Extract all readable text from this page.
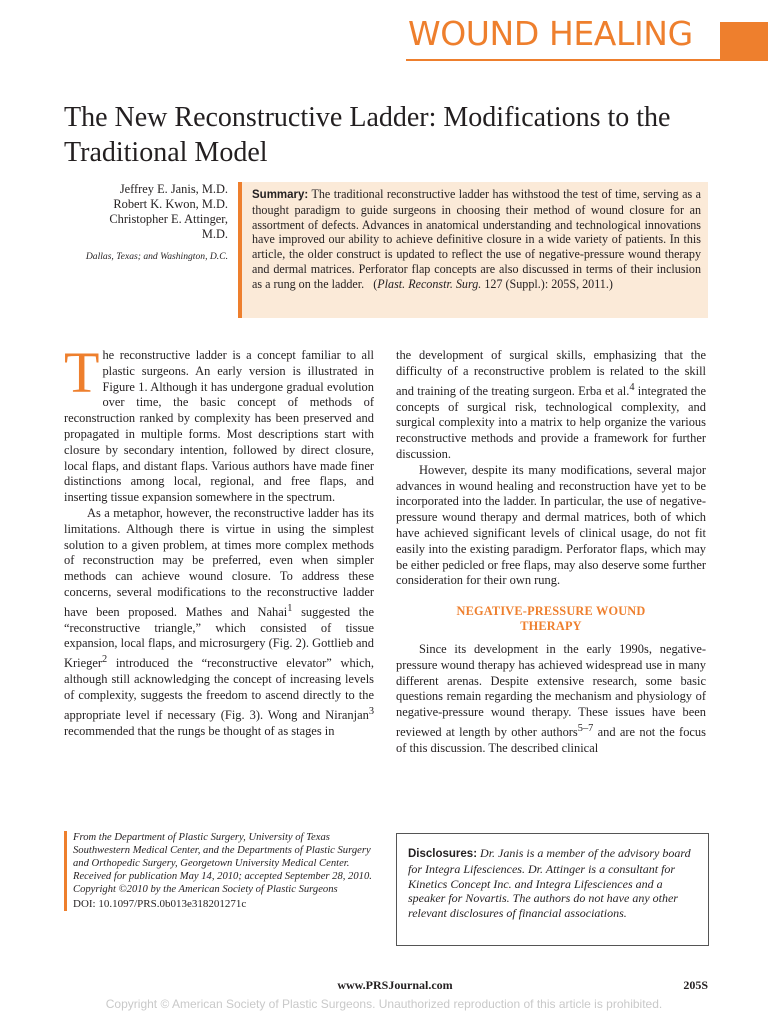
WOUND HEALING
The New Reconstructive Ladder: Modifications to the Traditional Model
Jeffrey E. Janis, M.D.
Robert K. Kwon, M.D.
Christopher E. Attinger,
M.D.
Dallas, Texas; and Washington, D.C.

Summary: The traditional reconstructive ladder has withstood the test of time, serving as a thought paradigm to guide surgeons in choosing their method of wound closure for an assortment of defects. Advances in anatomical understanding and technological innovations have improved our ability to achieve definitive closure in a wide variety of patients. In this article, the older construct is updated to reflect the use of negative-pressure wound therapy and dermal matrices. Perforator flap concepts are also discussed in terms of their inclusion as a rung on the ladder.   (Plast. Reconstr. Surg. 127 (Suppl.): 205S, 2011.)

The reconstructive ladder is a concept familiar to all plastic surgeons. An early version is illustrated in Figure 1. Although it has undergone gradual evolution over time, the basic concept of methods of reconstruction ranked by complexity has been preserved and propagated in multiple forms. Most descriptions start with closure by secondary intention, followed by direct closure, local flaps, and distant flaps. Various authors have made finer distinctions among local, regional, and free flaps, and inserting tissue expansion somewhere in the spectrum.

As a metaphor, however, the reconstructive ladder has its limitations. Although there is virtue in using the simplest solution to a given problem, at times more complex methods of reconstruction may be preferred, even when simpler methods can achieve wound closure. To address these concerns, several modifications to the reconstructive ladder have been proposed. Mathes and Nahai$^1$ suggested the “reconstructive triangle,” which consisted of tissue expansion, local flaps, and microsurgery (Fig. 2). Gottlieb and Krieger$^2$ introduced the “reconstructive elevator” which, although still acknowledging the concept of increasing levels of complexity, suggests the freedom to ascend directly to the appropriate level if necessary (Fig. 3). Wong and Niranjan$^3$ recommended that the rungs be thought of as stages in

the development of surgical skills, emphasizing that the difficulty of a reconstructive problem is related to the skill and training of the treating surgeon. Erba et al.$^4$ integrated the concepts of surgical risk, technological complexity, and surgical complexity into a matrix to help organize the various reconstructive methods and provide a framework for further discussion.

However, despite its many modifications, several major advances in wound healing and reconstruction have yet to be incorporated into the ladder. In particular, the use of negative-pressure wound therapy and dermal matrices, both of which have achieved significant levels of clinical usage, do not fit easily into the existing paradigm. Perforator flaps, which may be either pedicled or free flaps, may also deserve some further consideration for their own rung.

NEGATIVE-PRESSURE WOUND
THERAPY

Since its development in the early 1990s, negative-pressure wound therapy has achieved widespread use in many different arenas. Despite extensive research, some basic questions remain regarding the mechanism and physiology of negative-pressure wound therapy. These issues have been reviewed at length by other authors$^{5-7}$ and are not the focus of this discussion. The described clinical

From the Department of Plastic Surgery, University of Texas Southwestern Medical Center, and the Departments of Plastic Surgery and Orthopedic Surgery, Georgetown University Medical Center.

Received for publication May 14, 2010; accepted September 28, 2010.

Copyright ©2010 by the American Society of Plastic Surgeons

DOI: 10.1097/PRS.0b013e318201271c

Disclosures: Dr. Janis is a member of the advisory board for Integra Lifesciences. Dr. Attinger is a consultant for Kinetics Concept Inc. and Integra Lifesciences and a speaker for Novartis. The authors do not have any other relevant disclosures of financial associations.
www.PRSJournal.com	205S
Copyright © American Society of Plastic Surgeons. Unauthorized reproduction of this article is prohibited.
